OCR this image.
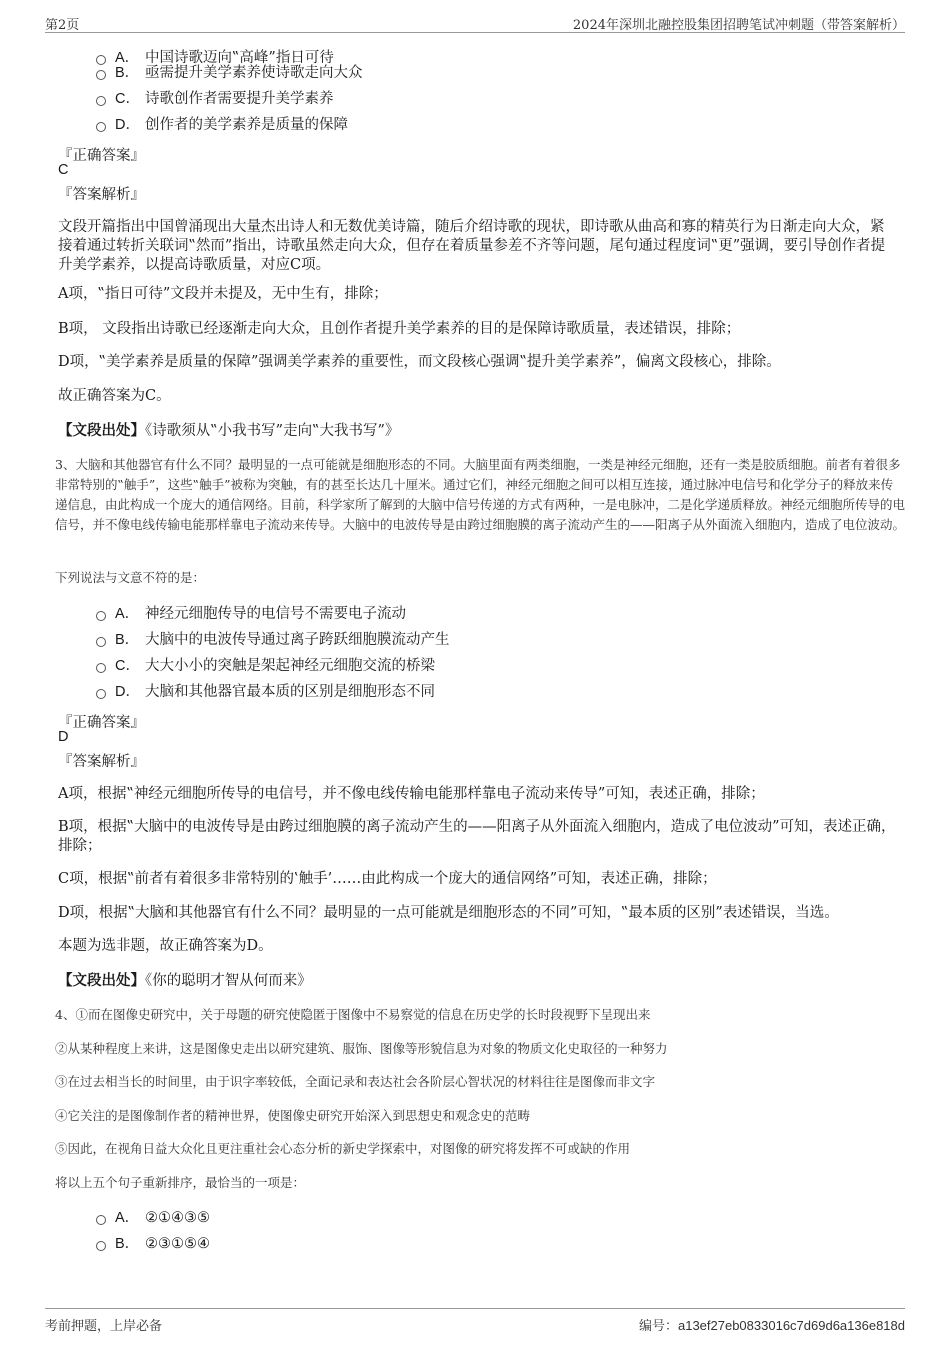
第2页	2024年深圳北融控股集团招聘笔试冲刺题（带答案解析）
A． 中国诗歌迈向‟高峰”指日可待
B． 亟需提升美学素养使诗歌走向大众
C． 诗歌创作者需要提升美学素养
D． 创作者的美学素养是质量的保障
『正确答案』
C
『答案解析』
文段开篇指出中国曾涌现出大量杰出诗人和无数优美诗篇，随后介绍诗歌的现状，即诗歌从曲高和寡的精英行为日渐走向大众，紧接着通过转折关联词‟然而”指出，诗歌虽然走向大众，但存在着质量参差不齐等问题，尾句通过程度词‟更”强调，要引导创作者提升美学素养，以提高诗歌质量，对应C项。
A项，‟指日可待”文段并未提及，无中生有，排除；
B项， 文段指出诗歌已经逐渐走向大众，且创作者提升美学素养的目的是保障诗歌质量，表述错误，排除；
D项，‟美学素养是质量的保障”强调美学素养的重要性，而文段核心强调‟提升美学素养”，偏离文段核心，排除。
故正确答案为C。
【文段出处】《诗歌须从‟小我书写”走向‟大我书写”》
3、大脑和其他器官有什么不同？最明显的一点可能就是细胞形态的不同。大脑里面有两类细胞，一类是神经元细胞，还有一类是胶质细胞。前者有着很多非常特别的‟触手”，这些‟触手”被称为突触，有的甚至长达几十厘米。通过它们，神经元细胞之间可以相互连接，通过脉冲电信号和化学分子的释放来传递信息，由此构成一个庞大的通信网络。目前，科学家所了解到的大脑中信号传递的方式有两种，一是电脉冲，二是化学递质释放。神经元细胞所传导的电信号，并不像电线传输电能那样靠电子流动来传导。大脑中的电波传导是由跨过细胞膜的离子流动产生的——阳离子从外面流入细胞内，造成了电位波动。
下列说法与文意不符的是：
A． 神经元细胞传导的电信号不需要电子流动
B． 大脑中的电波传导通过离子跨跃细胞膜流动产生
C． 大大小小的突触是架起神经元细胞交流的桥梁
D． 大脑和其他器官最本质的区别是细胞形态不同
『正确答案』
D
『答案解析』
A项，根据‟神经元细胞所传导的电信号，并不像电线传输电能那样靠电子流动来传导”可知，表述正确，排除；
B项，根据‟大脑中的电波传导是由跨过细胞膜的离子流动产生的——阳离子从外面流入细胞内，造成了电位波动”可知，表述正确，排除；
C项，根据‟前者有着很多非常特别的‛触手’……由此构成一个庞大的通信网络”可知，表述正确，排除；
D项，根据‟大脑和其他器官有什么不同？最明显的一点可能就是细胞形态的不同”可知，‟最本质的区别”表述错误，当选。
本题为选非题，故正确答案为D。
【文段出处】《你的聪明才智从何而来》
4、①而在图像史研究中，关于母题的研究使隐匿于图像中不易察觉的信息在历史学的长时段视野下呈现出来
②从某种程度上来讲，这是图像史走出以研究建筑、服饰、图像等形貌信息为对象的物质文化史取径的一种努力
③在过去相当长的时间里，由于识字率较低，全面记录和表达社会各阶层心智状况的材料往往是图像而非文字
④它关注的是图像制作者的精神世界，使图像史研究开始深入到思想史和观念史的范畴
⑤因此，在视角日益大众化且更注重社会心态分析的新史学探索中，对图像的研究将发挥不可或缺的作用
将以上五个句子重新排序，最恰当的一项是：
A． ②①④③⑤
B． ②③①⑤④
考前押题，上岸必备	编号：a13ef27eb0833016c7d69d6a136e818d
